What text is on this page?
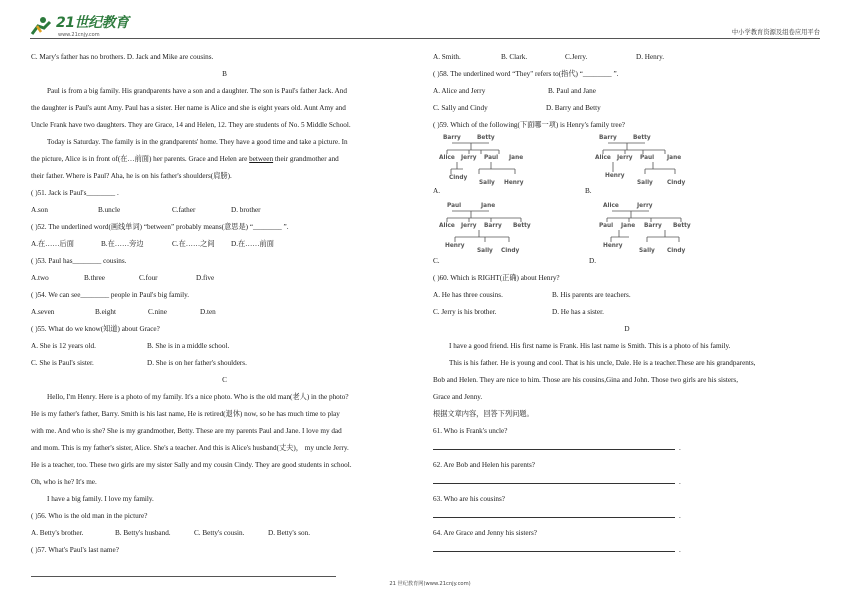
21世纪教育
www.21cnjy.com	中小学教育资源及组卷应用平台
C. Mary's father has no brothers. D. Jack and Mike are cousins.
B
Paul is from a big family. His grandparents have a son and a daughter. The son is Paul's father Jack. And
the daughter is Paul's aunt Amy. Paul has a sister. Her name is Alice and she is eight years old. Aunt Amy and
Uncle Frank have two daughters. They are Grace, 14 and Helen, 12. They are students of No. 5 Middle School.
Today is Saturday. The family is in the grandparents' home. They have a good time and take a picture. In
the picture, Alice is in front of(在…前面) her parents. Grace and Helen are between their grandmother and
their father. Where is Paul? Aha, he is on his father's shoulders(肩膀).
( )51. Jack is Paul's________ .
A.son	B.uncle	C.father	D. brother
( )52. The underlined word(画线单词) “between” probably means(意思是) “________ ”.
A.在……后面	B.在……旁边	C.在……之间 D.在……前面
( )53. Paul has________ cousins.
A.two	B.three	C.four	D.five
( )54. We can see________ people in Paul's big family.
A.seven	B.eight	C.nine	D.ten
( )55. What do we know(知道) about Grace?
A. She is 12 years old.	B. She is in a middle school.
C. She is Paul's sister.	D. She is on her father's shoulders.
C
Hello, I'm Henry. Here is a photo of my family. It's a nice photo. Who is the old man(老人) in the photo?
He is my father's father, Barry. Smith is his last name, He is retired(退休) now, so he has much time to play
with me. And who is she? She is my grandmother, Betty. These are my parents Paul and Jane. I love my dad
and mom. This is my father's sister, Alice. She's a teacher. And this is Alice's husband(丈夫)， my uncle Jerry.
He is a teacher, too. These two girls are my sister Sally and my cousin Cindy. They are good students in school.
Oh, who is he? It's me.
I have a big family. I love my family.
( )56. Who is the old man in the picture?
A. Betty's brother.	B. Betty's husband.	C. Betty's cousin.	D. Betty's son.
( )57. What's Paul's last name?
A. Smith.	B. Clark.	C.Jerry.	D. Henry.
( )58. The underlined word “They" refers to(指代) “________ ”.
A. Alice and Jerry	B. Paul and Jane
C. Sally and Cindy	D. Barry and Betty
( )59. Which of the following(下面哪一项) is Henry's family tree?
Barry	Betty
Alice Jerry Paul Jane
Cindy
Sally Henry
A.
Barry	Betty
Alice Jerry Paul Jane
Henry
Sally Cindy
B.
Paul	Jane
Alice Jerry Barry Betty
Henry
Sally Cindy
C.
Alice	Jerry
Paul Jane Barry Betty
Henry
Sally Cindy
D.
( )60. Which is RIGHT(正确) about Henry?
A. He has three cousins.	B. His parents are teachers.
C. Jerry is his brother.	D. He has a sister.
D
I have a good friend. His first name is Frank. His last name is Smith. This is a photo of his family.
This is his father. He is young and cool. That is his uncle, Dale. He is a teacher.These are his grandparents,
Bob and Helen. They are nice to him. Those are his cousins,Gina and John. Those two girls are his sisters,
Grace and Jenny.
根据文章内容，回答下列问题。
61. Who is Frank's uncle?
.
62. Are Bob and Helen his parents?
.
63. Who are his cousins?
.
64. Are Grace and Jenny his sisters?
.
21 世纪教育网(www.21cnjy.com)
